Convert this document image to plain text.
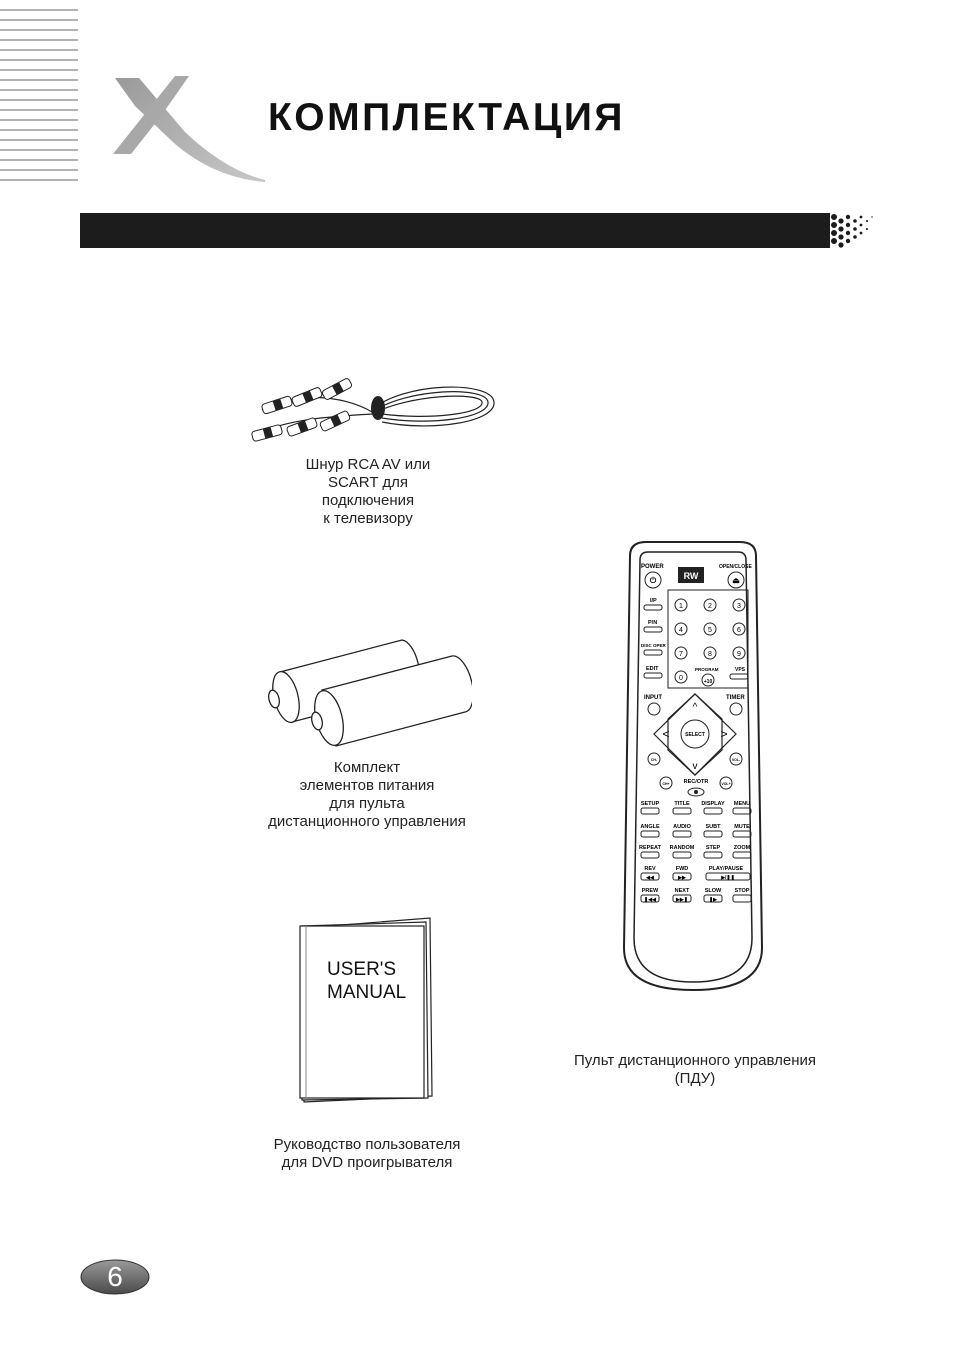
КОМПЛЕКТАЦИЯ
Шнур RCA AV или
SCART для
подключения
к телевизору
Комплект
элементов питания
для пульта
дистанционного управления
USER'S
MANUAL
Руководство пользователя
для DVD проигрывателя
POWER
⏻	RW
OPEN/CLOSE
⏏
I/P
P/N
DISC OPER
EDIT
1	2	3
4	5	6
7	8	9
0	+10
PROGRAM	VPS
INPUT	TIMER
SELECT
^
v
<	>
CH-	VOL-
CH+	VOL+
REC/OTR
SETUP	TITLE DISPLAY MENU
ANGLE AUDIO	SUBT MUTE
REPEAT RANDOM STEP ZOOM
REV	FWD	PLAY/PAUSE
PREW	NEXT	SLOW STOP
◀◀	▶▶	▶/❚❚
❚◀◀	▶▶❚	❚▶
Пульт дистанционного управления
(ПДУ)
6
